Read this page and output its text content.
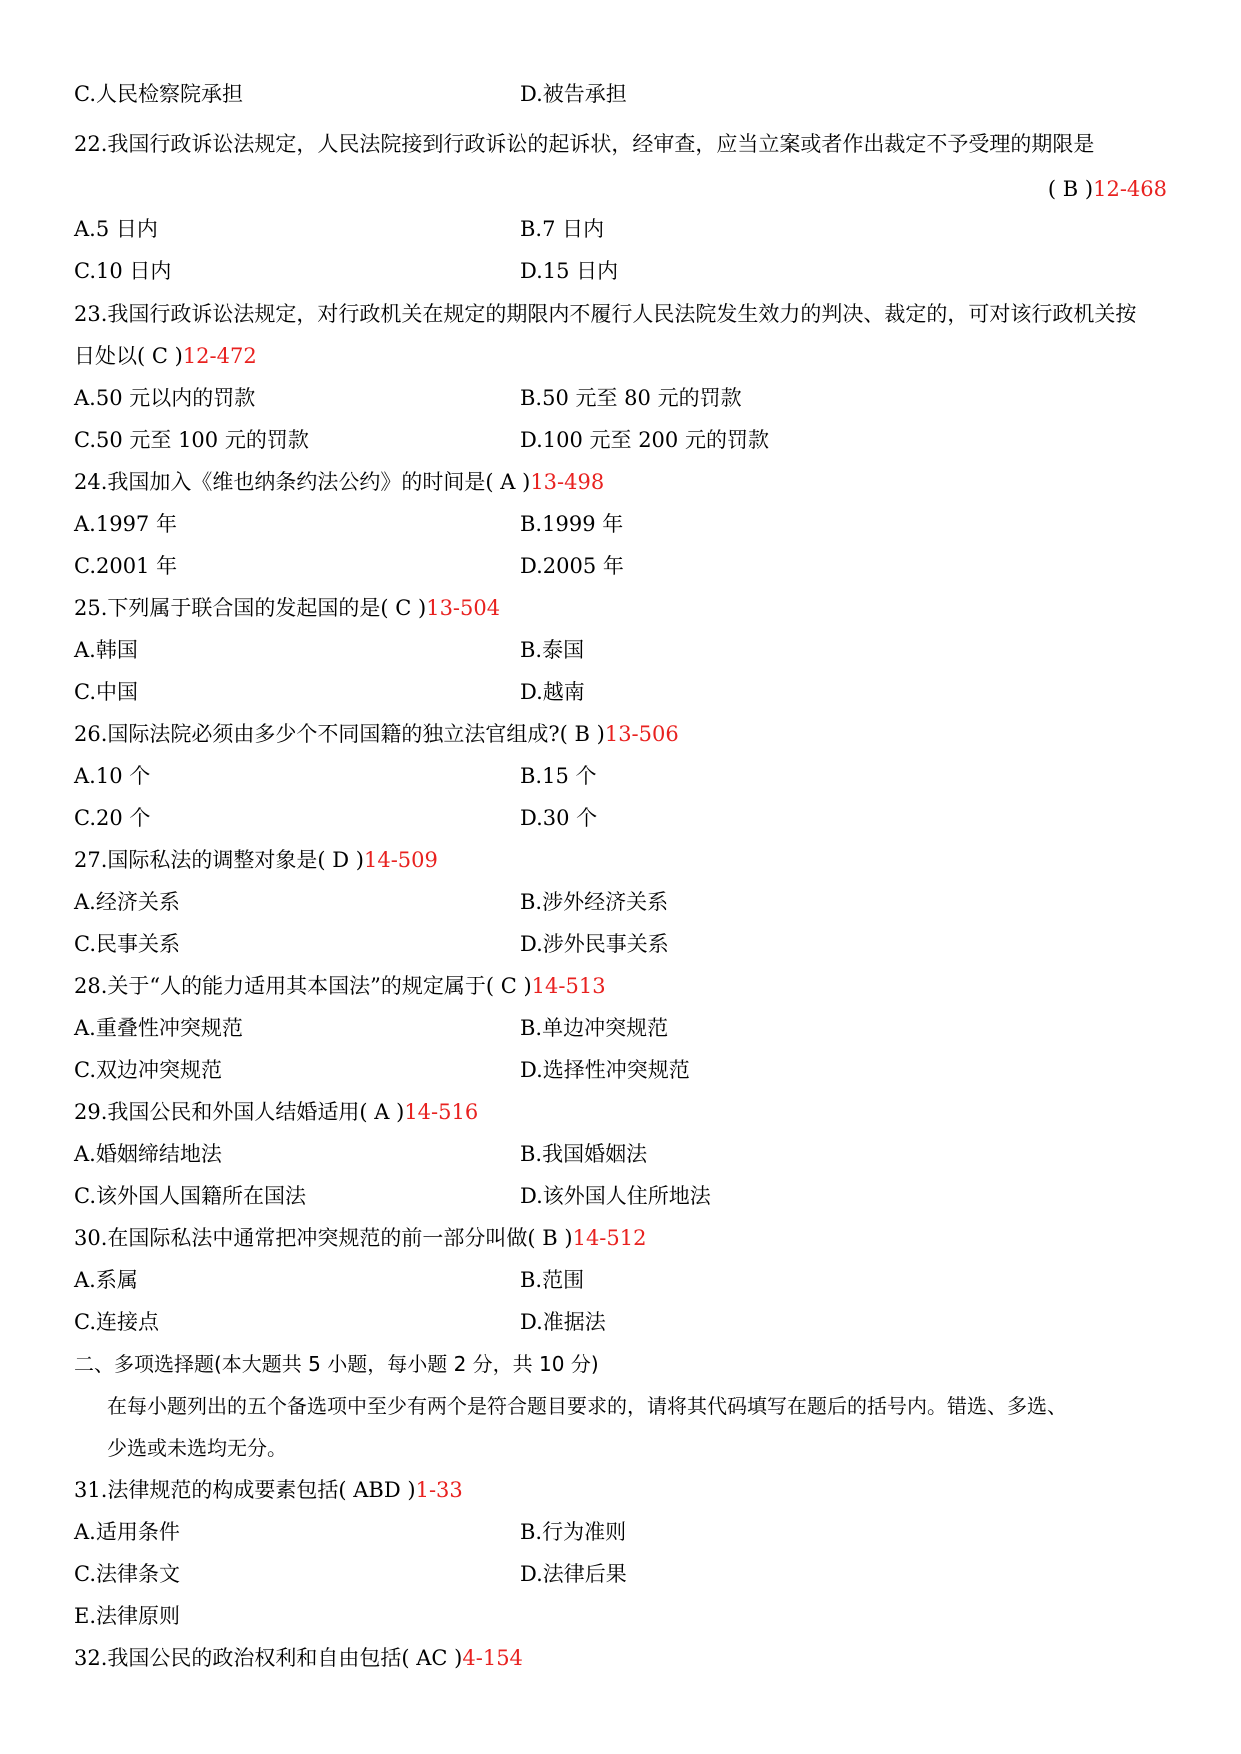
C.人民检察院承担	D.被告承担
22.我国行政诉讼法规定，人民法院接到行政诉讼的起诉状，经审查，应当立案或者作出裁定不予受理的期限是
( B )12-468
A.5 日内	B.7 日内
C.10 日内	D.15 日内
23.我国行政诉讼法规定，对行政机关在规定的期限内不履行人民法院发生效力的判决、裁定的，可对该行政机关按
日处以( C )12-472
A.50 元以内的罚款	B.50 元至 80 元的罚款
C.50 元至 100 元的罚款	D.100 元至 200 元的罚款
24.我国加入《维也纳条约法公约》的时间是( A )13-498
A.1997 年	B.1999 年
C.2001 年	D.2005 年
25.下列属于联合国的发起国的是( C )13-504
A.韩国	B.泰国
C.中国	D.越南
26.国际法院必须由多少个不同国籍的独立法官组成?( B )13-506
A.10 个	B.15 个
C.20 个	D.30 个
27.国际私法的调整对象是( D )14-509
A.经济关系	B.涉外经济关系
C.民事关系	D.涉外民事关系
28.关于“人的能力适用其本国法”的规定属于( C )14-513
A.重叠性冲突规范	B.单边冲突规范
C.双边冲突规范	D.选择性冲突规范
29.我国公民和外国人结婚适用( A )14-516
A.婚姻缔结地法	B.我国婚姻法
C.该外国人国籍所在国法	D.该外国人住所地法
30.在国际私法中通常把冲突规范的前一部分叫做( B )14-512
A.系属	B.范围
C.连接点	D.准据法
二、多项选择题(本大题共 5 小题，每小题 2 分，共 10 分)
在每小题列出的五个备选项中至少有两个是符合题目要求的，请将其代码填写在题后的括号内。错选、多选、
少选或未选均无分。
31.法律规范的构成要素包括( ABD )1-33
A.适用条件	B.行为准则
C.法律条文	D.法律后果
E.法律原则
32.我国公民的政治权利和自由包括( AC )4-154
